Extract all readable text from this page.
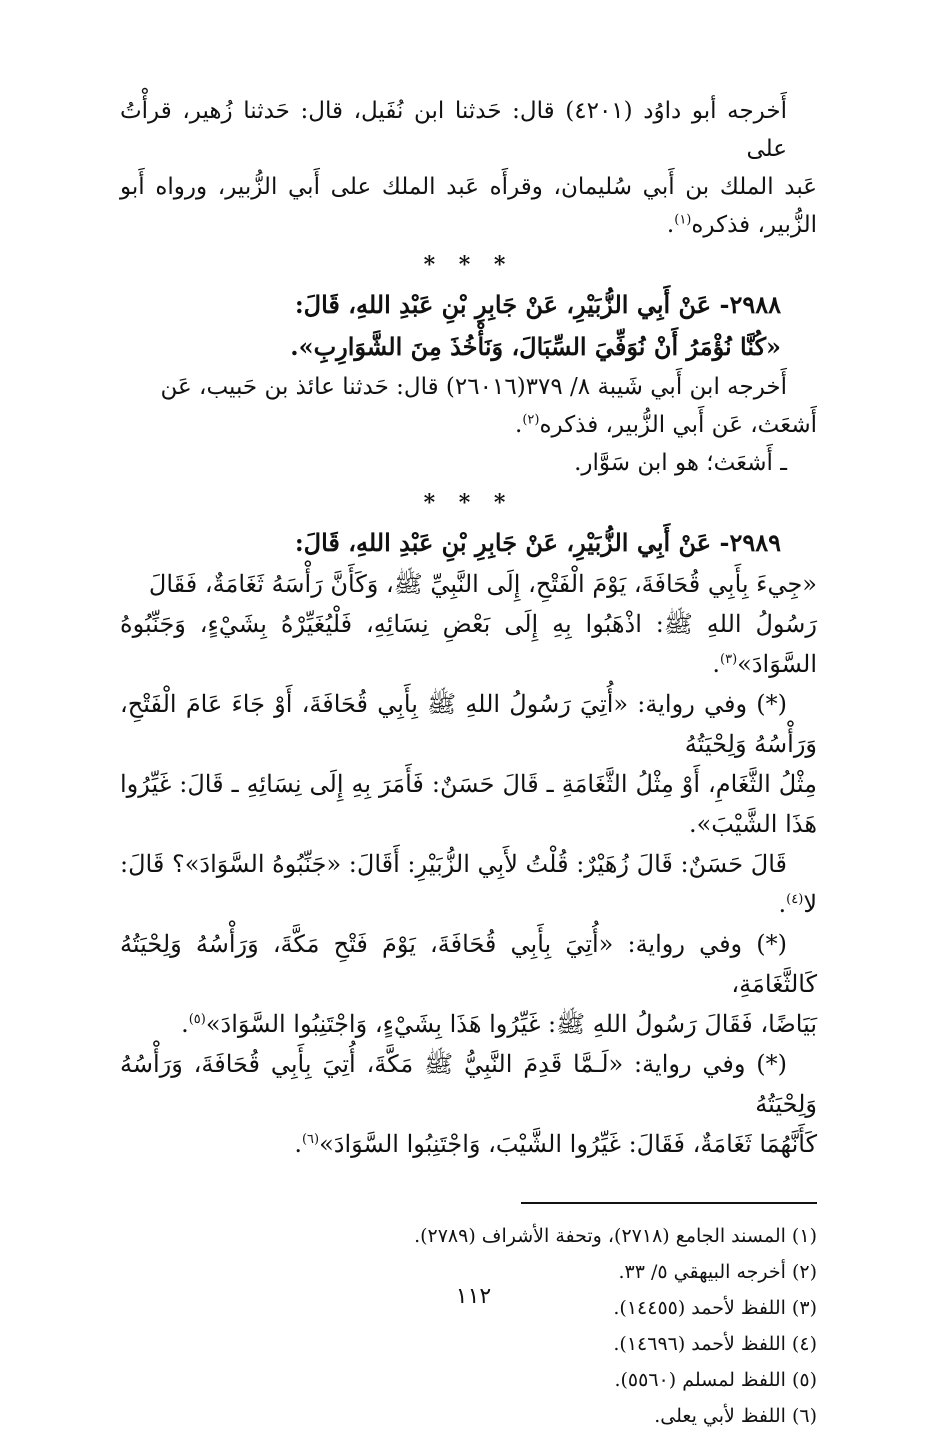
أَخرجه أبو داوُد (٤٢٠١) قال: حَدثنا ابن نُفَيل، قال: حَدثنا زُهير، قرأْتُ على

عَبد الملك بن أَبي سُليمان، وقرأَه عَبد الملك على أَبي الزُّبير، ورواه أَبو الزُّبير، فذكره$^{(١)}$.

* * *

٢٩٨٨- عَنْ أَبِي الزُّبَيْرِ، عَنْ جَابِرِ بْنِ عَبْدِ اللهِ، قَالَ:

«كُنَّا نُؤْمَرُ أَنْ نُوَفِّيَ السِّبَالَ، وَنَأْخُذَ مِنَ الشَّوَارِبِ».

أَخرجه ابن أَبي شَيبة ٨/ ٣٧٩(٢٦٠١٦) قال: حَدثنا عائذ بن حَبيب، عَن

أَشعَث، عَن أَبي الزُّبير، فذكره$^{(٢)}$.

ـ أَشعَث؛ هو ابن سَوَّار.

* * *

٢٩٨٩- عَنْ أَبِي الزُّبَيْرِ، عَنْ جَابِرِ بْنِ عَبْدِ اللهِ، قَالَ:

«جِيءَ بِأَبِي قُحَافَةَ، يَوْمَ الْفَتْحِ، إِلَى النَّبِيِّ ﷺ، وَكَأَنَّ رَأْسَهُ ثَغَامَةٌ، فَقَالَ

رَسُولُ اللهِ ﷺ: اذْهَبُوا بِهِ إِلَى بَعْضِ نِسَائِهِ، فَلْيُغَيِّرْهُ بِشَيْءٍ، وَجَنِّبُوهُ السَّوَادَ»$^{(٣)}$.

(*) وفي رواية: «أُتِيَ رَسُولُ اللهِ ﷺ بِأَبِي قُحَافَةَ، أَوْ جَاءَ عَامَ الْفَتْحِ، وَرَأْسُهُ وَلِحْيَتُهُ

مِثْلُ الثَّغَامِ، أَوْ مِثْلُ الثَّغَامَةِ ـ قَالَ حَسَنٌ: فَأَمَرَ بِهِ إِلَى نِسَائِهِ ـ قَالَ: غَيِّرُوا هَذَا الشَّيْبَ».

قَالَ حَسَنٌ: قَالَ زُهَيْرٌ: قُلْتُ لأَبِي الزُّبَيْرِ: أَقَالَ: «جَنِّبُوهُ السَّوَادَ»؟ قَالَ: لا$^{(٤)}$.

(*) وفي رواية: «أُتِيَ بِأَبِي قُحَافَةَ، يَوْمَ فَتْحِ مَكَّةَ، وَرَأْسُهُ وَلِحْيَتُهُ كَالثَّغَامَةِ،

بَيَاضًا، فَقَالَ رَسُولُ اللهِ ﷺ: غَيِّرُوا هَذَا بِشَيْءٍ، وَاجْتَنِبُوا السَّوَادَ»$^{(٥)}$.

(*) وفي رواية: «لَـمَّا قَدِمَ النَّبِيُّ ﷺ مَكَّةَ، أُتِيَ بِأَبِي قُحَافَةَ، وَرَأْسُهُ وَلِحْيَتُهُ

كَأَنَّهُمَا ثَغَامَةٌ، فَقَالَ: غَيِّرُوا الشَّيْبَ، وَاجْتَنِبُوا السَّوَادَ»$^{(٦)}$.

(١) المسند الجامع (٢٧١٨)، وتحفة الأشراف (٢٧٨٩).
(٢) أخرجه البيهقي ٥/ ٣٣.
(٣) اللفظ لأحمد (١٤٤٥٥).
(٤) اللفظ لأحمد (١٤٦٩٦).
(٥) اللفظ لمسلم (٥٥٦٠).
(٦) اللفظ لأبي يعلى.
١١٢
